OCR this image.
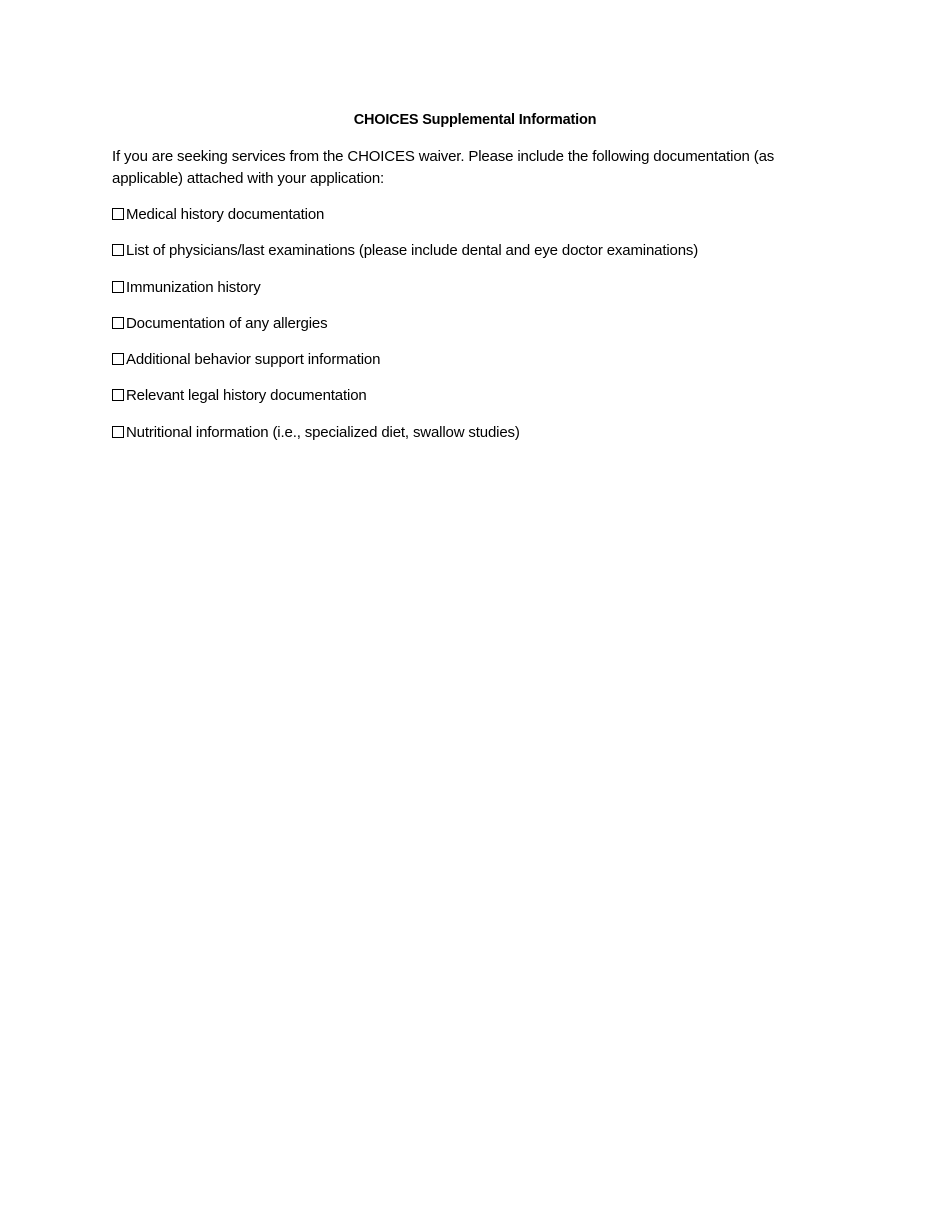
CHOICES Supplemental Information
If you are seeking services from the CHOICES waiver. Please include the following documentation (as applicable) attached with your application:
Medical history documentation
List of physicians/last examinations (please include dental and eye doctor examinations)
Immunization history
Documentation of any allergies
Additional behavior support information
Relevant legal history documentation
Nutritional information (i.e., specialized diet, swallow studies)
